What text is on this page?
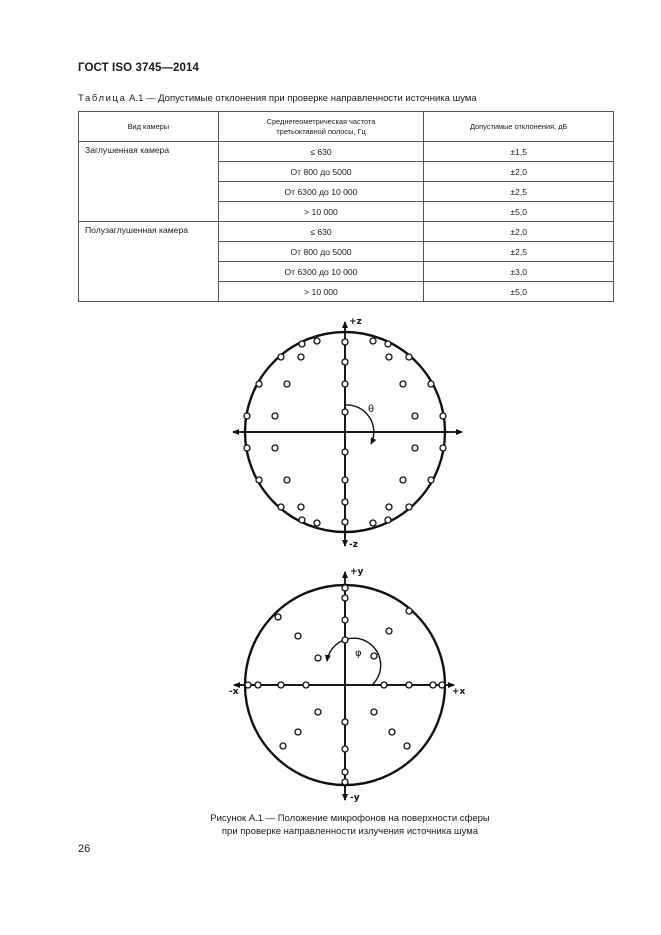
ГОСТ ISO 3745—2014
Таблица А.1 — Допустимые отклонения при проверке направленности источника шума
Вид камеры	Среднегеометрическая частота третьоктавной полосы, Гц	Допустимые отклонения, дБ
Заглушенная камера	≤ 630	±1,5
	От 800 до 5000	±2,0
	От 6300 до 10 000	±2,5
	> 10 000	±5,0
Полузаглушенная камера	≤ 630	±2,0
	От 800 до 5000	±2,5
	От 6300 до 10 000	±3,0
	> 10 000	±5,0
+z
-z
θ
+y
-y
+x
-x
φ
Рисунок А.1 — Положение микрофонов на поверхности сферы
при проверке направленности излучения источника шума
26
